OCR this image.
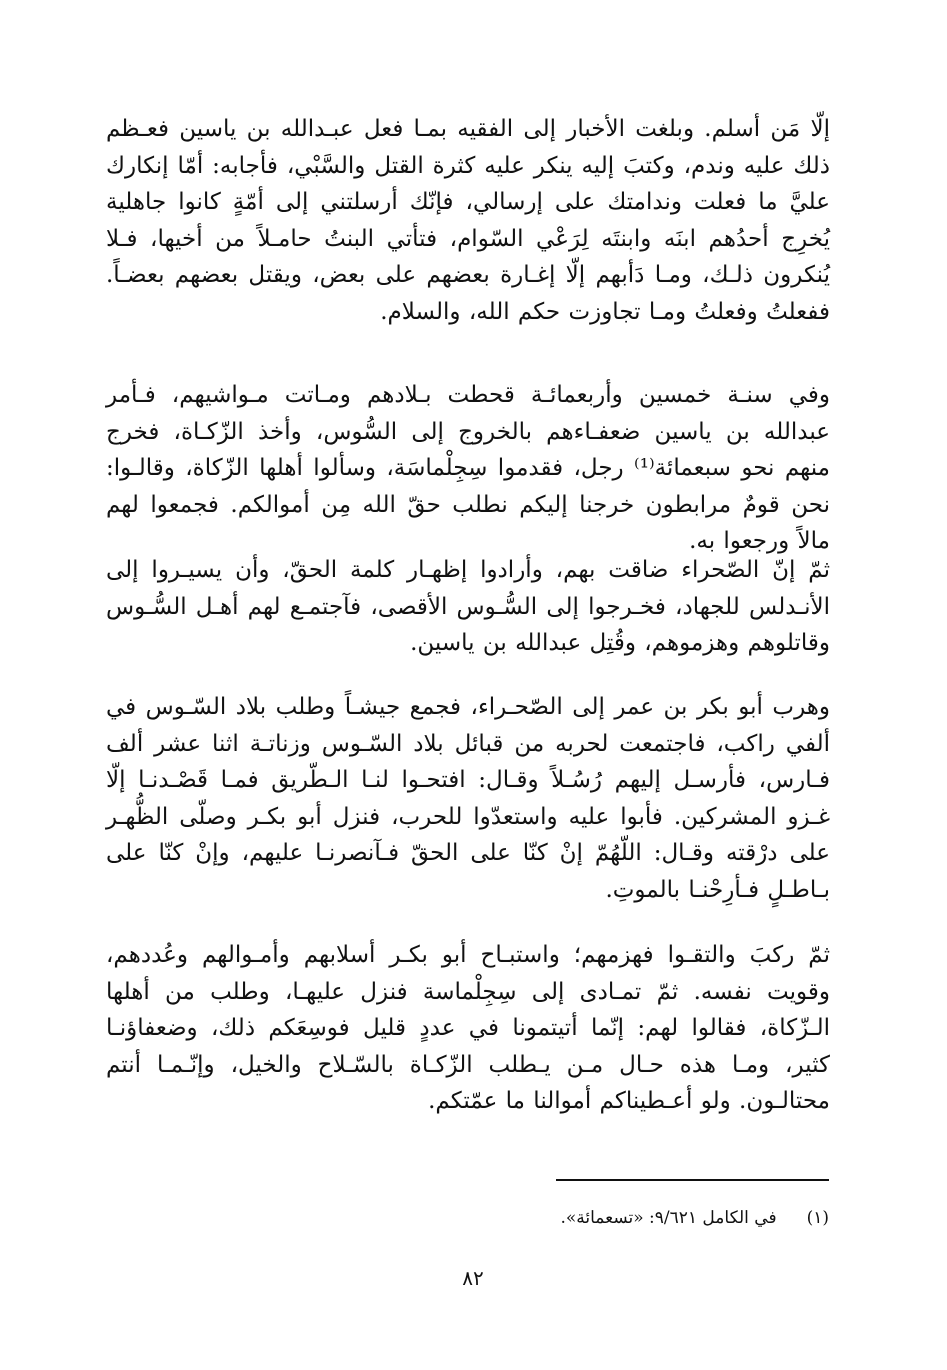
إلّا مَن أسلم. وبلغت الأخبار إلى الفقيه بمـا فعل عبـدالله بن ياسين فعـظم ذلك عليه وندم، وكتبَ إليه ينكر عليه كثرة القتل والسَّبْي، فأجابه: أمّا إنكارك عليَّ ما فعلت وندامتك على إرسالي، فإنّك أرسلتني إلى أمّةٍ كانوا جاهلية يُخرِج أحدُهم ابنَه وابنتَه لِرَعْي السّوام، فتأتي البنتُ حامـلاً من أخيها، فـلا يُنكرون ذلـك، ومـا دَأبهم إلّا إغـارة بعضهم على بعض، ويقتل بعضهم بعضـاً. ففعلتُ وفعلتُ ومـا تجاوزت حكم الله، والسلام.

وفي سنـة خمسين وأربعمائـة قحطت بـلادهم ومـاتت مـواشيهم، فـأمر عبدالله بن ياسين ضعفـاءهم بالخروج إلى السُّوس، وأخذ الزّكـاة، فخرج منهم نحو سبعمائة⁽¹⁾ رجل، فقدموا سِجِلْماسَة، وسألوا أهلها الزّكاة، وقالـوا: نحن قومٌ مرابطون خرجنا إليكم نطلب حقّ الله مِن أموالكم. فجمعوا لهم مالاً ورجعوا به.

ثمّ إنّ الصّحراء ضاقت بهم، وأرادوا إظهـار كلمة الحقّ، وأن يسيـروا إلى الأنـدلس للجهاد، فخـرجوا إلى السُّـوس الأقصى، فآجتمـع لهم أهـل السُّـوس وقاتلوهم وهزموهم، وقُتِل عبدالله بن ياسين.

وهرب أبو بكر بن عمر إلى الصّحـراء، فجمع جيشـاً وطلب بلاد السّـوس في ألفي راكب، فاجتمعت لحربه من قبائل بلاد السّـوس وزناتـة اثنا عشر ألف فـارس، فأرسـل إليهم رُسُـلاً وقـال: افتحـوا لنـا الـطّريق فمـا قَصْـدنـا إلّا غـزو المشركين. فأبوا عليه واستعدّوا للحرب، فنزل أبو بكـر وصلّى الظُّهـر على درْقته وقـال: اللّهُمّ إنْ كنّا على الحقّ فـآنصرنـا عليهم، وإنْ كنّا على بـاطـلٍ فـأرِحْنـا بالموتِ.

ثمّ ركبَ والتقـوا فهزمهم؛ واستبـاح أبو بكـر أسلابهم وأمـوالهم وعُددهم، وقويت نفسه. ثمّ تمـادى إلى سِجِلْماسة فنزل عليهـا، وطلب من أهلها الـزّكاة، فقالوا لهم: إنّما أتيتمونا في عددٍ قليل فوسِعَكم ذلك، وضعفاؤنـا كثير، ومـا هذه حـال مـن يـطلب الزّكـاة بالسّـلاح والخيل، وإنّـمـا أنتم محتالـون. ولو أعـطيناكم أموالنا ما عمّتكم.

(١)في الكامل ٩/٦٢١: «تسعمائة».

٨٢
